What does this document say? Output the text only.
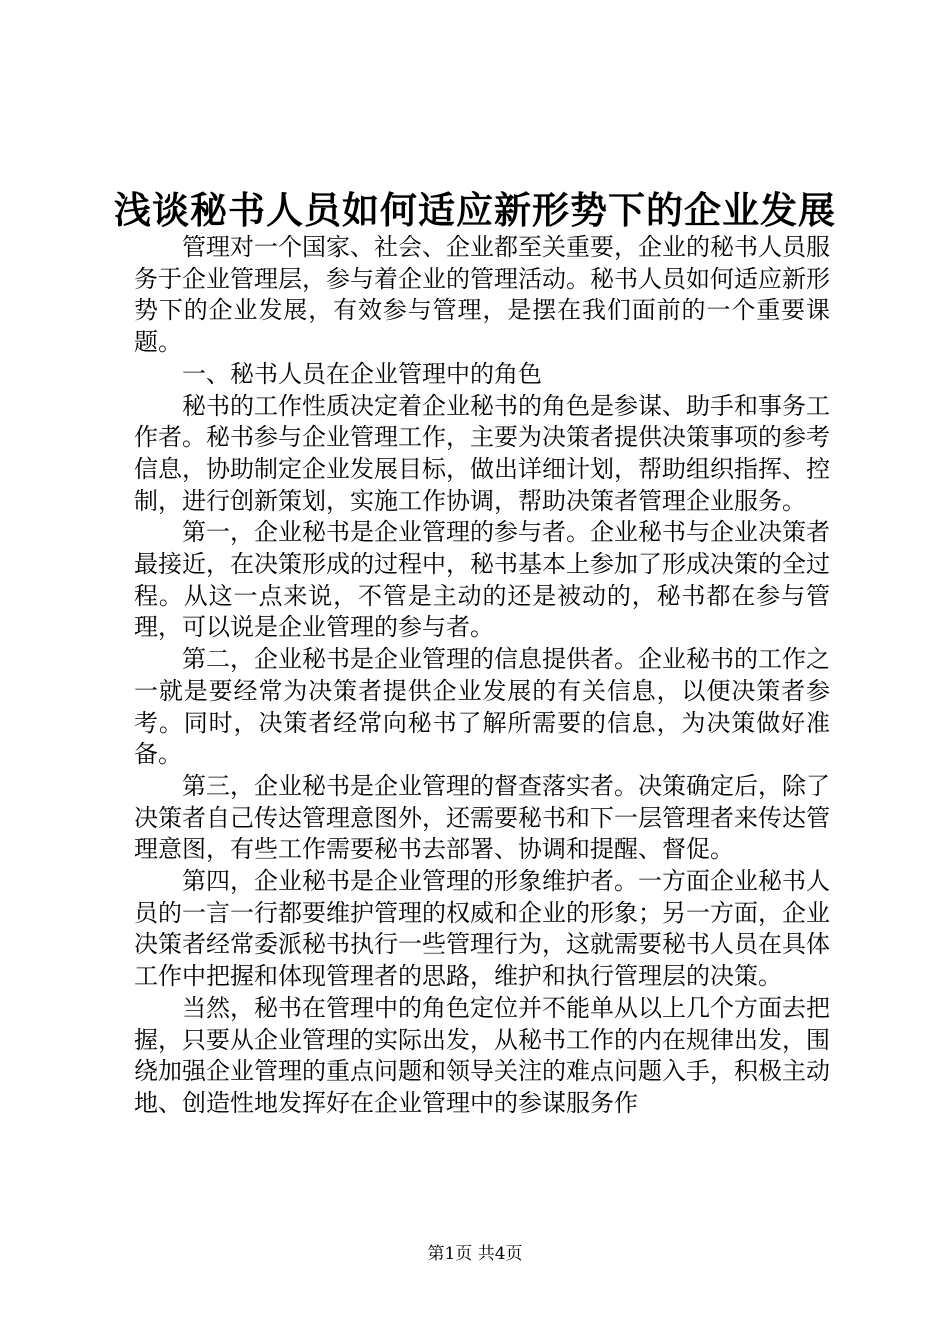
浅谈秘书人员如何适应新形势下的企业发展

管理对一个国家、社会、企业都至关重要，企业的秘书人员服务于企业管理层，参与着企业的管理活动。秘书人员如何适应新形势下的企业发展，有效参与管理，是摆在我们面前的一个重要课题。

一、秘书人员在企业管理中的角色

秘书的工作性质决定着企业秘书的角色是参谋、助手和事务工作者。秘书参与企业管理工作，主要为决策者提供决策事项的参考信息，协助制定企业发展目标，做出详细计划，帮助组织指挥、控制，进行创新策划，实施工作协调，帮助决策者管理企业服务。

第一，企业秘书是企业管理的参与者。企业秘书与企业决策者最接近，在决策形成的过程中，秘书基本上参加了形成决策的全过程。从这一点来说，不管是主动的还是被动的，秘书都在参与管理，可以说是企业管理的参与者。

第二，企业秘书是企业管理的信息提供者。企业秘书的工作之一就是要经常为决策者提供企业发展的有关信息，以便决策者参考。同时，决策者经常向秘书了解所需要的信息，为决策做好准备。

第三，企业秘书是企业管理的督查落实者。决策确定后，除了决策者自己传达管理意图外，还需要秘书和下一层管理者来传达管理意图，有些工作需要秘书去部署、协调和提醒、督促。

第四，企业秘书是企业管理的形象维护者。一方面企业秘书人员的一言一行都要维护管理的权威和企业的形象；另一方面，企业决策者经常委派秘书执行一些管理行为，这就需要秘书人员在具体工作中把握和体现管理者的思路，维护和执行管理层的决策。

当然，秘书在管理中的角色定位并不能单从以上几个方面去把握，只要从企业管理的实际出发，从秘书工作的内在规律出发，围绕加强企业管理的重点问题和领导关注的难点问题入手，积极主动地、创造性地发挥好在企业管理中的参谋服务作

第1页 共4页
